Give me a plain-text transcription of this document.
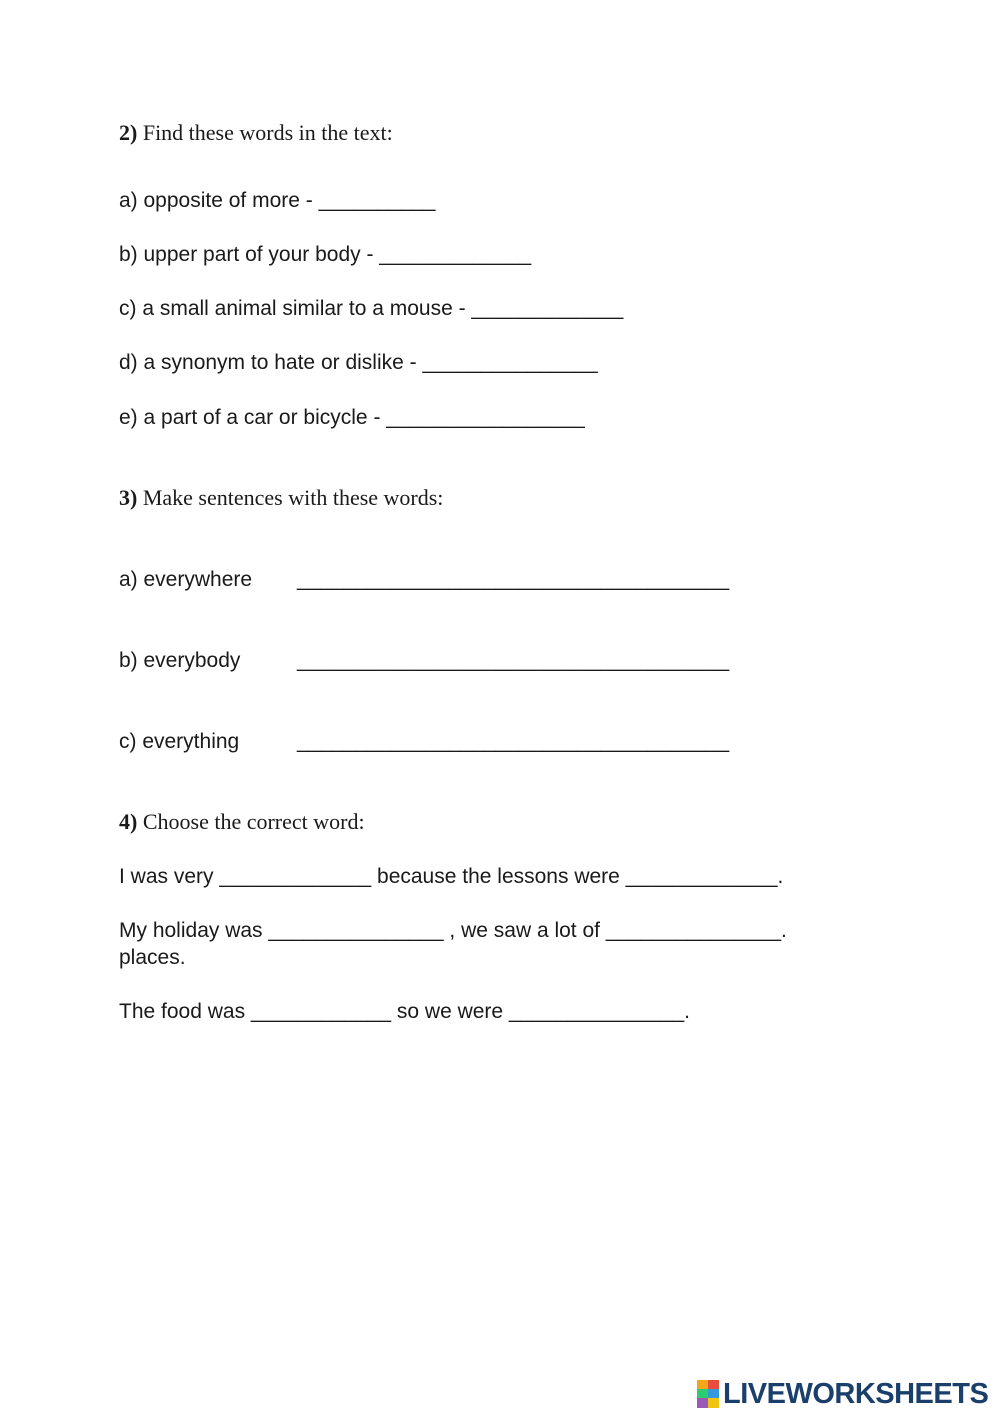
2) Find these words in the text:
a) opposite of more - __________
b) upper part of your body - _____________
c) a small animal similar to a mouse - _____________
d) a synonym to hate or dislike - _______________
e) a part of a car or bicycle - _________________
3) Make sentences with these words:
a) everywhere _____________________________________
b) everybody	_____________________________________
c) everything	_____________________________________
4) Choose the correct word:
I was very _____________ because the lessons were _____________.
My holiday was _______________ , we saw a lot of _______________.
places.
The food was ____________ so we were _______________.
LIVEWORKSHEETS
